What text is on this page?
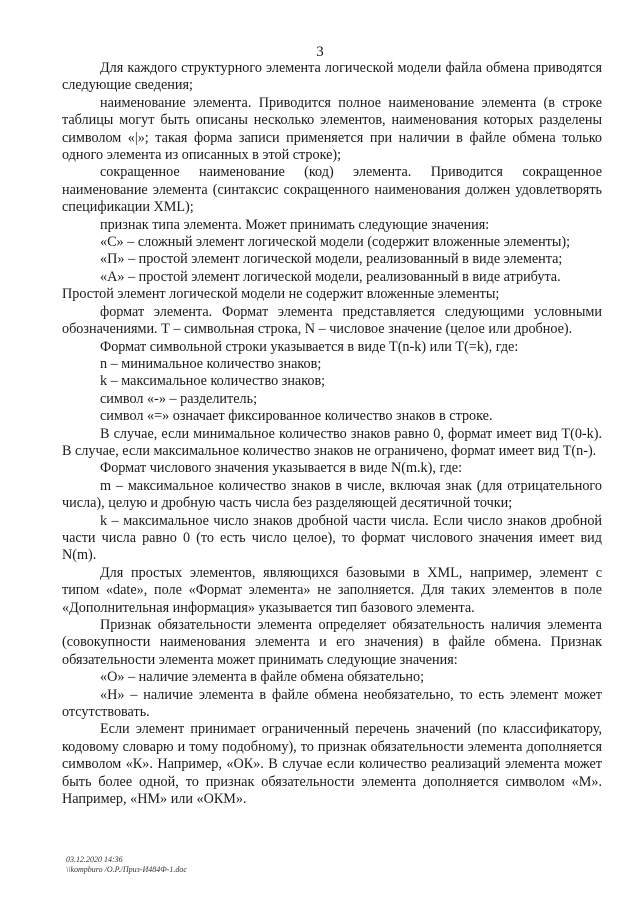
3

Для каждого структурного элемента логической модели файла обмена приводятся следующие сведения;

наименование элемента. Приводится полное наименование элемента (в строке таблицы могут быть описаны несколько элементов, наименования которых разделены символом «|»; такая форма записи применяется при наличии в файле обмена только одного элемента из описанных в этой строке);

сокращенное наименование (код) элемента. Приводится сокращенное наименование элемента (синтаксис сокращенного наименования должен удовлетворять спецификации XML);

признак типа элемента. Может принимать следующие значения:

«С» – сложный элемент логической модели (содержит вложенные элементы);

«П» – простой элемент логической модели, реализованный в виде элемента;

«А» – простой элемент логической модели, реализованный в виде атрибута.

Простой элемент логической модели не содержит вложенные элементы;

формат элемента. Формат элемента представляется следующими условными обозначениями. Т – символьная строка, N – числовое значение (целое или дробное).

Формат символьной строки указывается в виде Т(n-k) или Т(=k), где:

n – минимальное количество знаков;

k – максимальное количество знаков;

символ «-» – разделитель;

символ «=» означает фиксированное количество знаков в строке.

В случае, если минимальное количество знаков равно 0, формат имеет вид Т(0-k). В случае, если максимальное количество знаков не ограничено, формат имеет вид Т(n-).

Формат числового значения указывается в виде N(m.k), где:

m – максимальное количество знаков в числе, включая знак (для отрицательного числа), целую и дробную часть числа без разделяющей десятичной точки;

k – максимальное число знаков дробной части числа. Если число знаков дробной части числа равно 0 (то есть число целое), то формат числового значения имеет вид N(m).

Для простых элементов, являющихся базовыми в XML, например, элемент с типом «date», поле «Формат элемента» не заполняется. Для таких элементов в поле «Дополнительная информация» указывается тип базового элемента.

Признак обязательности элемента определяет обязательность наличия элемента (совокупности наименования элемента и его значения) в файле обмена. Признак обязательности элемента может принимать следующие значения:

«О» – наличие элемента в файле обмена обязательно;

«Н» – наличие элемента в файле обмена необязательно, то есть элемент может отсутствовать.

Если элемент принимает ограниченный перечень значений (по классификатору, кодовому словарю и тому подобному), то признак обязательности элемента дополняется символом «К». Например, «ОК». В случае если количество реализаций элемента может быть более одной, то признак обязательности элемента дополняется символом «М». Например, «НМ» или «ОКМ».

03.12.2020 14:36
\\kompburo /О.Р./Приз-И484Ф-1.doc
